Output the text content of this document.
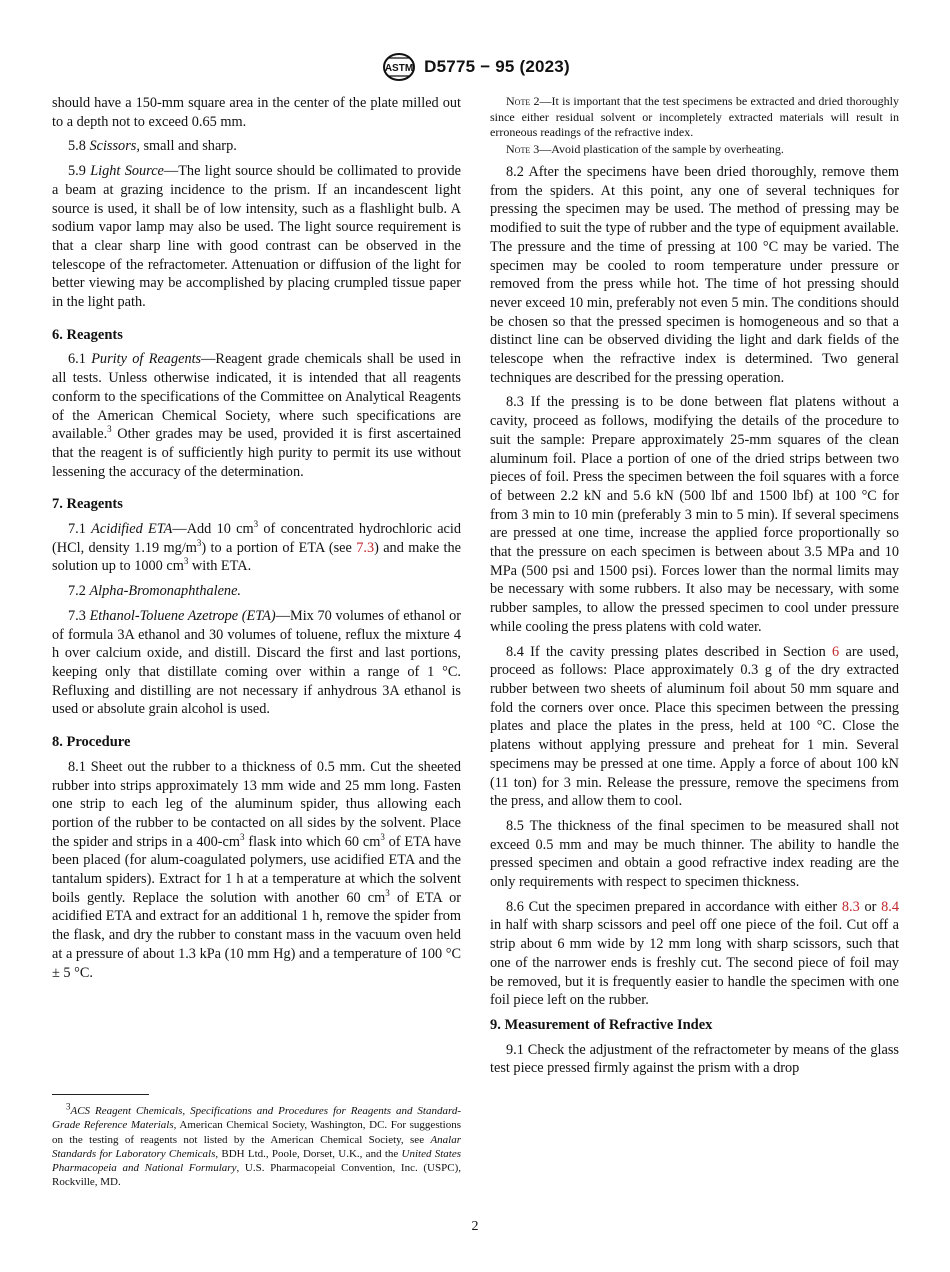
ASTM D5775 − 95 (2023)

should have a 150-mm square area in the center of the plate milled out to a depth not to exceed 0.65 mm.

5.8 Scissors, small and sharp.

5.9 Light Source—The light source should be collimated to provide a beam at grazing incidence to the prism. If an incandescent light source is used, it shall be of low intensity, such as a flashlight bulb. A sodium vapor lamp may also be used. The light source requirement is that a clear sharp line with good contrast can be observed in the telescope of the refractometer. Attenuation or diffusion of the light for better viewing may be accomplished by placing crumpled tissue paper in the light path.

6. Reagents

6.1 Purity of Reagents—Reagent grade chemicals shall be used in all tests. Unless otherwise indicated, it is intended that all reagents conform to the specifications of the Committee on Analytical Reagents of the American Chemical Society, where such specifications are available.$^3$ Other grades may be used, provided it is first ascertained that the reagent is of sufficiently high purity to permit its use without lessening the accuracy of the determination.

7. Reagents

7.1 Acidified ETA—Add 10 $cm^3$ of concentrated hydrochloric acid (HCl, density 1.19 $mg/m^3$) to a portion of ETA (see 7.3) and make the solution up to 1000 $cm^3$ with ETA.

7.2 Alpha-Bromonaphthalene.

7.3 Ethanol-Toluene Azetrope (ETA)—Mix 70 volumes of ethanol or of formula 3A ethanol and 30 volumes of toluene, reflux the mixture 4 h over calcium oxide, and distill. Discard the first and last portions, keeping only that distillate coming over within a range of 1 °C. Refluxing and distilling are not necessary if anhydrous 3A ethanol is used or absolute grain alcohol is used.

8. Procedure

8.1 Sheet out the rubber to a thickness of 0.5 mm. Cut the sheeted rubber into strips approximately 13 mm wide and 25 mm long. Fasten one strip to each leg of the aluminum spider, thus allowing each portion of the rubber to be contacted on all sides by the solvent. Place the spider and strips in a $400-cm^3$ flask into which 60 $cm^3$ of ETA have been placed (for alum-coagulated polymers, use acidified ETA and the tantalum spiders). Extract for 1 h at a temperature at which the solvent boils gently. Replace the solution with another 60 $cm^3$ of ETA or acidified ETA and extract for an additional 1 h, remove the spider from the flask, and dry the rubber to constant mass in the vacuum oven held at a pressure of about 1.3 kPa (10 mm Hg) and a temperature of 100 °C ± 5 °C.

$^3$ACS Reagent Chemicals, Specifications and Procedures for Reagents and Standard-Grade Reference Materials, American Chemical Society, Washington, DC. For suggestions on the testing of reagents not listed by the American Chemical Society, see Analar Standards for Laboratory Chemicals, BDH Ltd., Poole, Dorset, U.K., and the United States Pharmacopeia and National Formulary, U.S. Pharmacopeial Convention, Inc. (USPC), Rockville, MD.

Note 2—It is important that the test specimens be extracted and dried thoroughly since either residual solvent or incompletely extracted materials will result in erroneous readings of the refractive index.

Note 3—Avoid plastication of the sample by overheating.

8.2 After the specimens have been dried thoroughly, remove them from the spiders. At this point, any one of several techniques for pressing the specimen may be used. The method of pressing may be modified to suit the type of rubber and the type of equipment available. The pressure and the time of pressing at 100 °C may be varied. The specimen may be cooled to room temperature under pressure or removed from the press while hot. The time of hot pressing should never exceed 10 min, preferably not even 5 min. The conditions should be chosen so that the pressed specimen is homogeneous and so that a distinct line can be observed dividing the light and dark fields of the telescope when the refractive index is determined. Two general techniques are described for the pressing operation.

8.3 If the pressing is to be done between flat platens without a cavity, proceed as follows, modifying the details of the procedure to suit the sample: Prepare approximately 25-mm squares of the clean aluminum foil. Place a portion of one of the dried strips between two pieces of foil. Press the specimen between the foil squares with a force of between 2.2 kN and 5.6 kN (500 lbf and 1500 lbf) at 100 °C for from 3 min to 10 min (preferably 3 min to 5 min). If several specimens are pressed at one time, increase the applied force proportionally so that the pressure on each specimen is between about 3.5 MPa and 10 MPa (500 psi and 1500 psi). Forces lower than the normal limits may be necessary with some rubbers. It also may be necessary, with some rubber samples, to allow the pressed specimen to cool under pressure while cooling the press platens with cold water.

8.4 If the cavity pressing plates described in Section 6 are used, proceed as follows: Place approximately 0.3 g of the dry extracted rubber between two sheets of aluminum foil about 50 mm square and fold the corners over once. Place this specimen between the pressing plates and place the plates in the press, held at 100 °C. Close the platens without applying pressure and preheat for 1 min. Several specimens may be pressed at one time. Apply a force of about 100 kN (11 ton) for 3 min. Release the pressure, remove the specimens from the press, and allow them to cool.

8.5 The thickness of the final specimen to be measured shall not exceed 0.5 mm and may be much thinner. The ability to handle the pressed specimen and obtain a good refractive index reading are the only requirements with respect to specimen thickness.

8.6 Cut the specimen prepared in accordance with either 8.3 or 8.4 in half with sharp scissors and peel off one piece of the foil. Cut off a strip about 6 mm wide by 12 mm long with sharp scissors, such that one of the narrower ends is freshly cut. The second piece of foil may be removed, but it is frequently easier to handle the specimen with one foil piece left on the rubber.

9. Measurement of Refractive Index

9.1 Check the adjustment of the refractometer by means of the glass test piece pressed firmly against the prism with a drop

2
